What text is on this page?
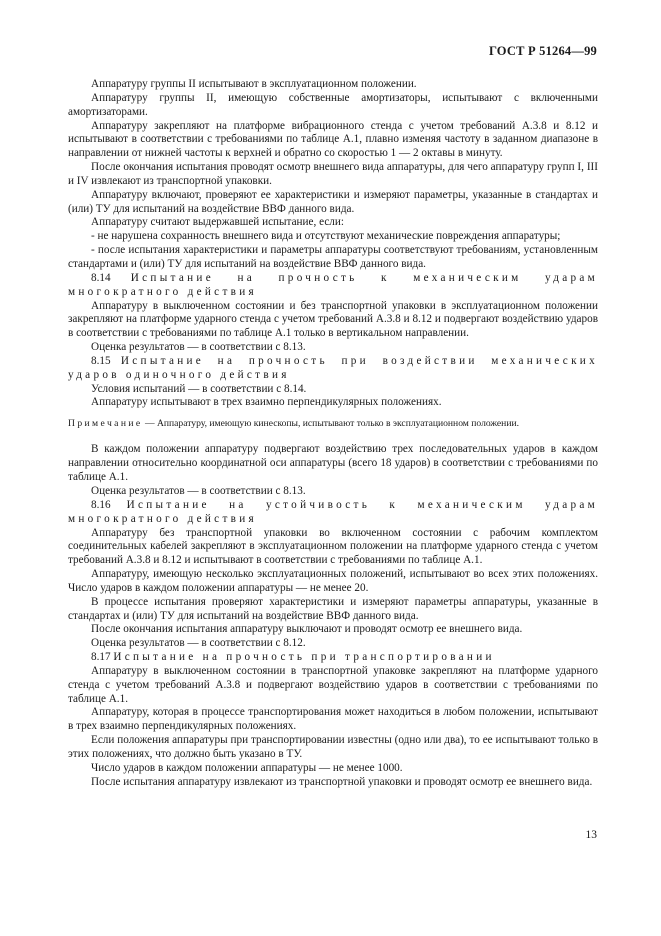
ГОСТ Р 51264—99

Аппаратуру группы II испытывают в эксплуатационном положении.

Аппаратуру группы II, имеющую собственные амортизаторы, испытывают с включенными амортизаторами.

Аппаратуру закрепляют на платформе вибрационного стенда с учетом требований А.3.8 и 8.12 и испытывают в соответствии с требованиями по таблице А.1, плавно изменяя частоту в заданном диапазоне в направлении от нижней частоты к верхней и обратно со скоростью 1 — 2 октавы в минуту.

После окончания испытания проводят осмотр внешнего вида аппаратуры, для чего аппаратуру групп I, III и IV извлекают из транспортной упаковки.

Аппаратуру включают, проверяют ее характеристики и измеряют параметры, указанные в стандартах и (или) ТУ для испытаний на воздействие ВВФ данного вида.

Аппаратуру считают выдержавшей испытание, если:

- не нарушена сохранность внешнего вида и отсутствуют механические повреждения аппаратуры;

- после испытания характеристики и параметры аппаратуры соответствуют требованиям, установленным стандартами и (или) ТУ для испытаний на воздействие ВВФ данного вида.

8.14 Испытание на прочность к механическим ударам многократного действия

Аппаратуру в выключенном состоянии и без транспортной упаковки в эксплуатационном положении закрепляют на платформе ударного стенда с учетом требований А.3.8 и 8.12 и подвергают воздействию ударов в соответствии с требованиями по таблице А.1 только в вертикальном направлении.

Оценка результатов — в соответствии с 8.13.

8.15 Испытание на прочность при воздействии механических ударов одиночного действия

Условия испытаний — в соответствии с 8.14.

Аппаратуру испытывают в трех взаимно перпендикулярных положениях.

Примечание — Аппаратуру, имеющую кинескопы, испытывают только в эксплуатационном положении.

В каждом положении аппаратуру подвергают воздействию трех последовательных ударов в каждом направлении относительно координатной оси аппаратуры (всего 18 ударов) в соответствии с требованиями по таблице А.1.

Оценка результатов — в соответствии с 8.13.

8.16 Испытание на устойчивость к механическим ударам многократного действия

Аппаратуру без транспортной упаковки во включенном состоянии с рабочим комплектом соединительных кабелей закрепляют в эксплуатационном положении на платформе ударного стенда с учетом требований А.3.8 и 8.12 и испытывают в соответствии с требованиями по таблице А.1.

Аппаратуру, имеющую несколько эксплуатационных положений, испытывают во всех этих положениях. Число ударов в каждом положении аппаратуры — не менее 20.

В процессе испытания проверяют характеристики и измеряют параметры аппаратуры, указанные в стандартах и (или) ТУ для испытаний на воздействие ВВФ данного вида.

После окончания испытания аппаратуру выключают и проводят осмотр ее внешнего вида.

Оценка результатов — в соответствии с 8.12.

8.17 Испытание на прочность при транспортировании

Аппаратуру в выключенном состоянии в транспортной упаковке закрепляют на платформе ударного стенда с учетом требований А.3.8 и подвергают воздействию ударов в соответствии с требованиями по таблице А.1.

Аппаратуру, которая в процессе транспортирования может находиться в любом положении, испытывают в трех взаимно перпендикулярных положениях.

Если положения аппаратуры при транспортировании известны (одно или два), то ее испытывают только в этих положениях, что должно быть указано в ТУ.

Число ударов в каждом положении аппаратуры — не менее 1000.

После испытания аппаратуру извлекают из транспортной упаковки и проводят осмотр ее внешнего вида.

13
